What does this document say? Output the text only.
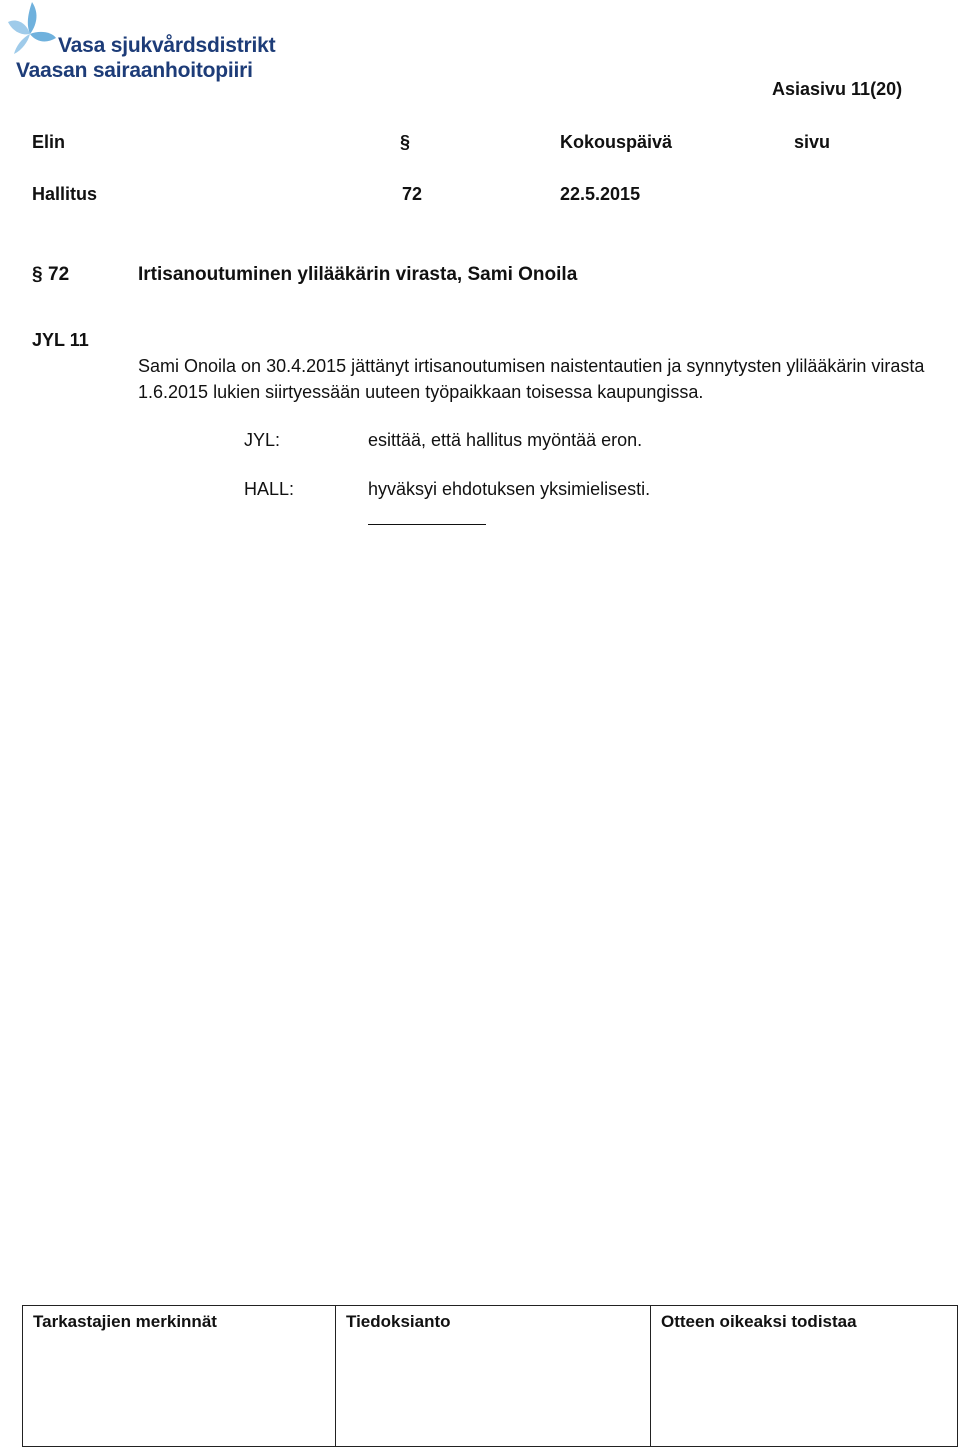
Vasa sjukvårdsdistrikt
Vaasan sairaanhoitopiiri
Asiasivu 11(20)
Elin	§	Kokouspäivä	sivu
Hallitus	72	22.5.2015
§ 72	Irtisanoutuminen ylilääkärin virasta, Sami Onoila
JYL 11
Sami Onoila on 30.4.2015 jättänyt irtisanoutumisen naistentautien ja synnytysten ylilääkärin virasta 1.6.2015 lukien siirtyessään uuteen työpaikkaan toisessa kaupungissa.
JYL:	esittää, että hallitus myöntää eron.
HALL:	hyväksyi ehdotuksen yksimielisesti.
Tarkastajien merkinnät	Tiedoksianto	Otteen oikeaksi todistaa
